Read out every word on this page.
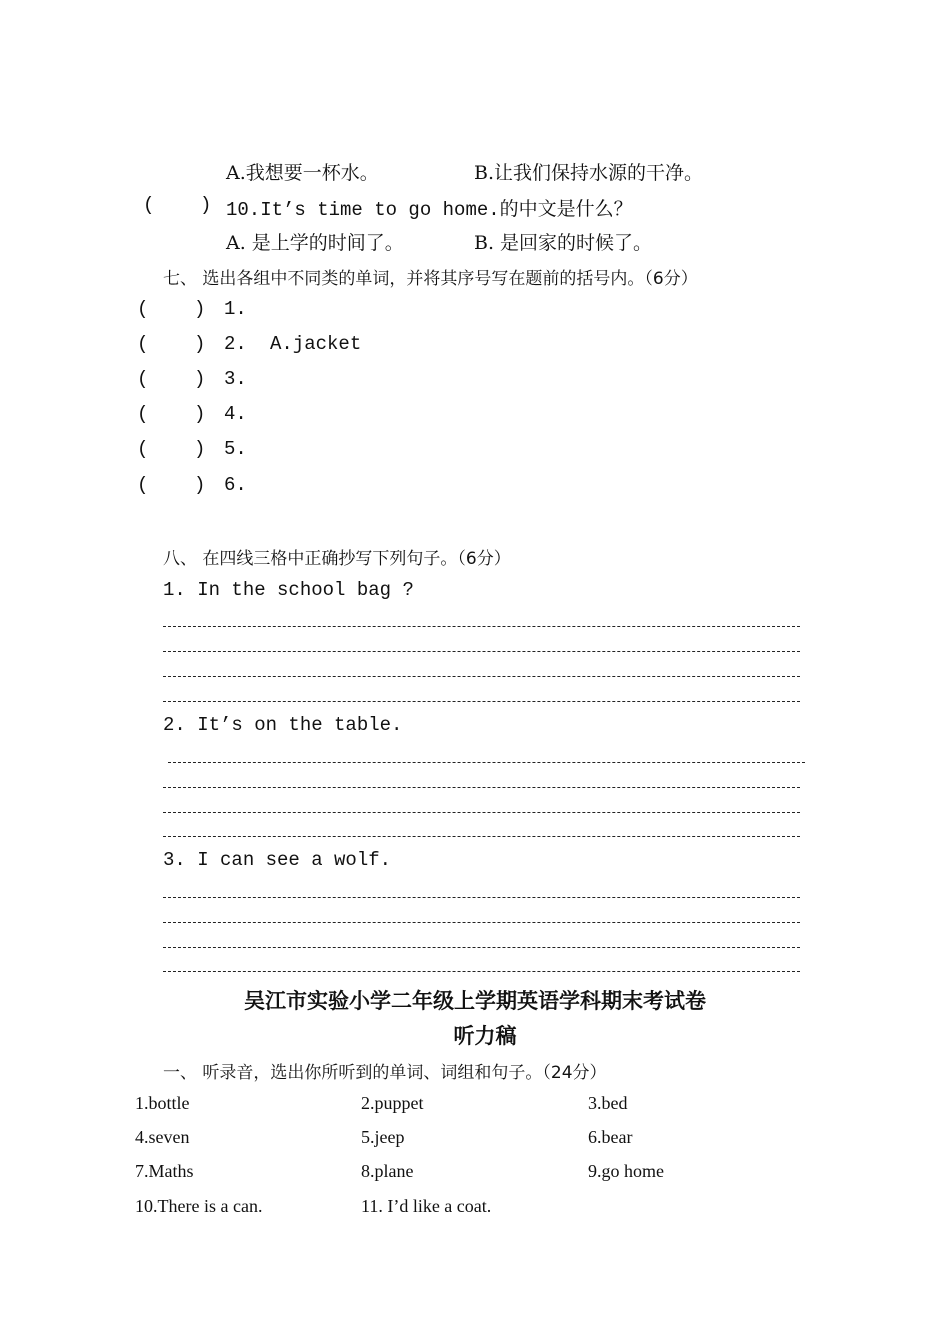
A.我想要一杯水。	B.让我们保持水源的干净。
(    ) 10.It’s time to go home.的中文是什么？
A. 是上学的时间了。	B. 是回家的时候了。
七、 选出各组中不同类的单词，并将其序号写在题前的括号内。（6分）
(    ) 1.
(    ) 2. A.jacket
(    ) 3.
(    ) 4.
(    ) 5.
(    ) 6.
八、 在四线三格中正确抄写下列句子。（6分）
1. In the school bag ?
2. It’s on the table.
3. I can see a wolf.
吴江市实验小学二年级上学期英语学科期末考试卷
听力稿
一、 听录音，选出你所听到的单词、词组和句子。（24分）
1.bottle	2.puppet	3.bed
4.seven	5.jeep	6.bear
7.Maths	8.plane	9.go home
10.There is a can.	11. I’d like a coat.
